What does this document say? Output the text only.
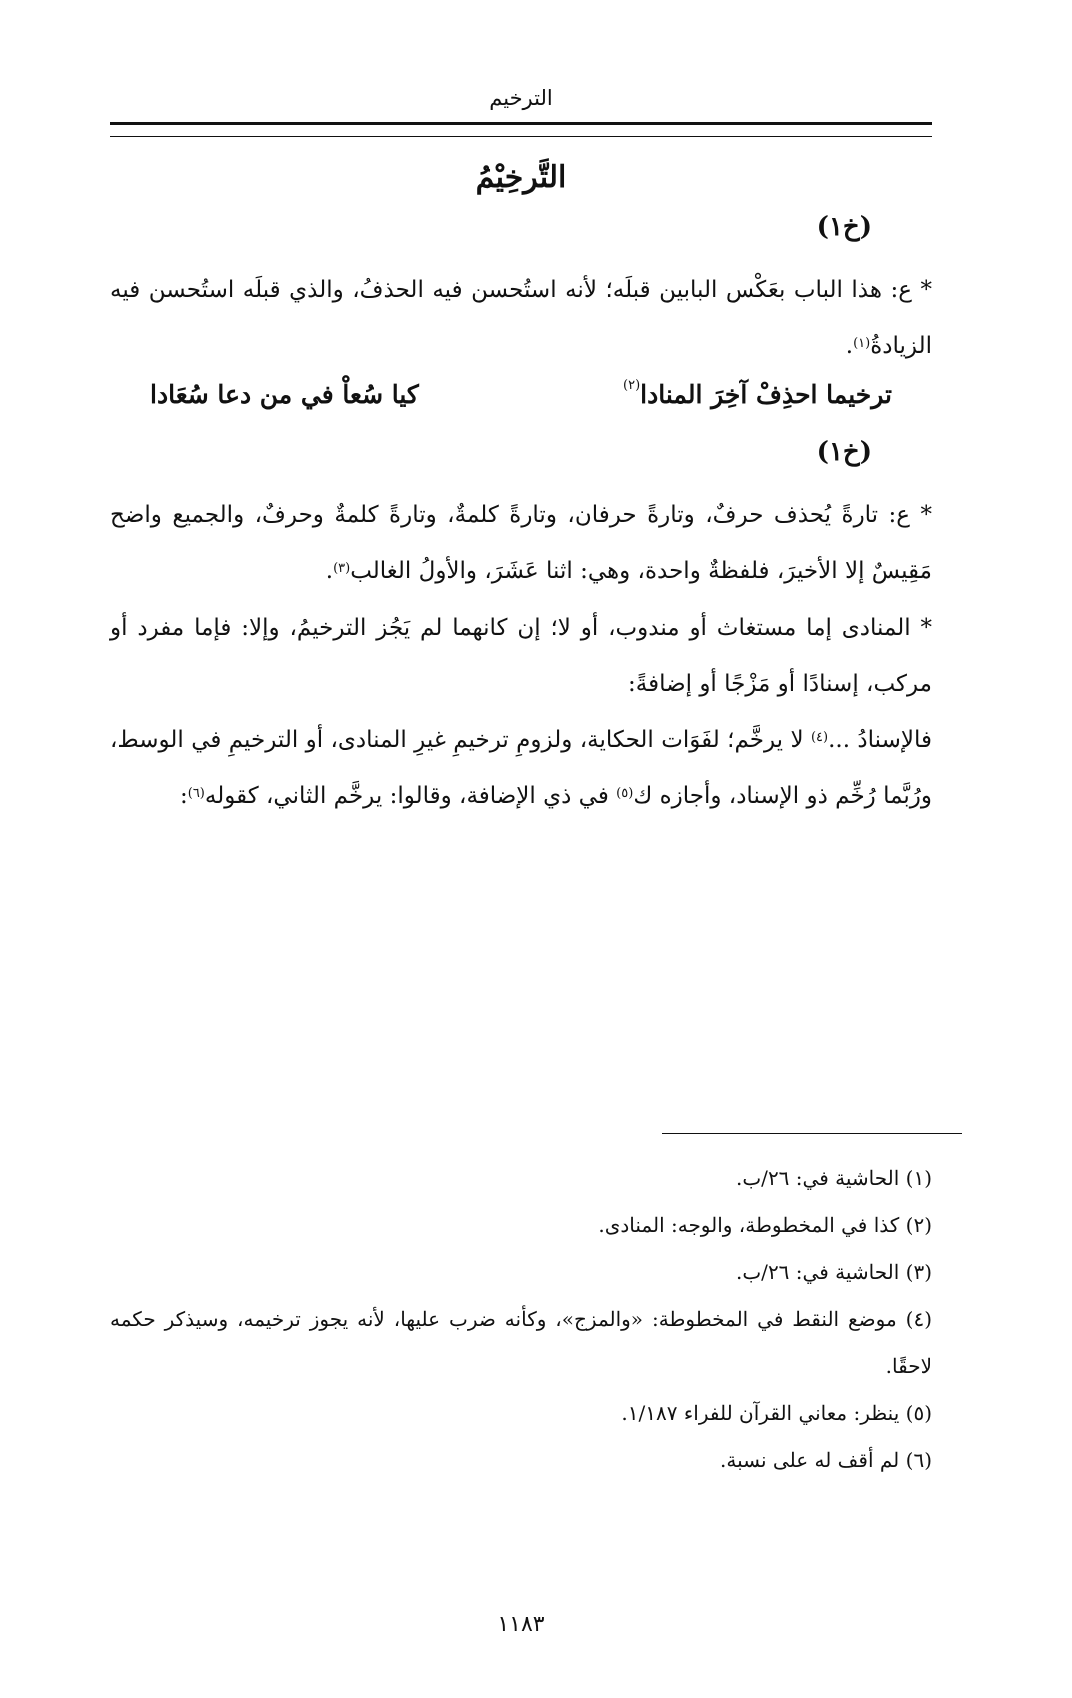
الترخيم
التَّرخِيْمُ
(خ١)
* ع: هذا الباب بعَكْس البابين قبلَه؛ لأنه استُحسن فيه الحذفُ، والذي قبلَه استُحسن فيه الزيادةُ$^{(١)}$.
ترخيما احذِفْ آخِرَ المنادا$^{(٢)}$
كيا سُعاْ في من دعا سُعَادا
(خ١)
* ع: تارةً يُحذف حرفٌ، وتارةً حرفان، وتارةً كلمةٌ، وتارةً كلمةٌ وحرفٌ، والجميع واضح مَقِيسٌ إلا الأخيرَ، فلفظةٌ واحدة، وهي: اثنا عَشَرَ، والأولُ الغالب$^{(٣)}$.
* المنادى إما مستغاث أو مندوب، أو لا؛ إن كانهما لم يَجُز الترخيمُ، وإلا: فإما مفرد أو مركب، إسنادًا أو مَزْجًا أو إضافةً:
فالإسنادُ ...$^{(٤)}$ لا يرخَّم؛ لفَوَات الحكاية، ولزومِ ترخيمِ غيرِ المنادى، أو الترخيمِ في الوسط، ورُبَّما رُخِّم ذو الإسناد، وأجازه ك$^{(٥)}$ في ذي الإضافة، وقالوا: يرخَّم الثاني، كقوله$^{(٦)}$:

(١) الحاشية في: ٢٦/ب.

(٢) كذا في المخطوطة، والوجه: المنادى.

(٣) الحاشية في: ٢٦/ب.

(٤) موضع النقط في المخطوطة: «والمزج»، وكأنه ضرب عليها، لأنه يجوز ترخيمه، وسيذكر حكمه لاحقًا.

(٥) ينظر: معاني القرآن للفراء ١/١٨٧.

(٦) لم أقف له على نسبة.

١١٨٣
